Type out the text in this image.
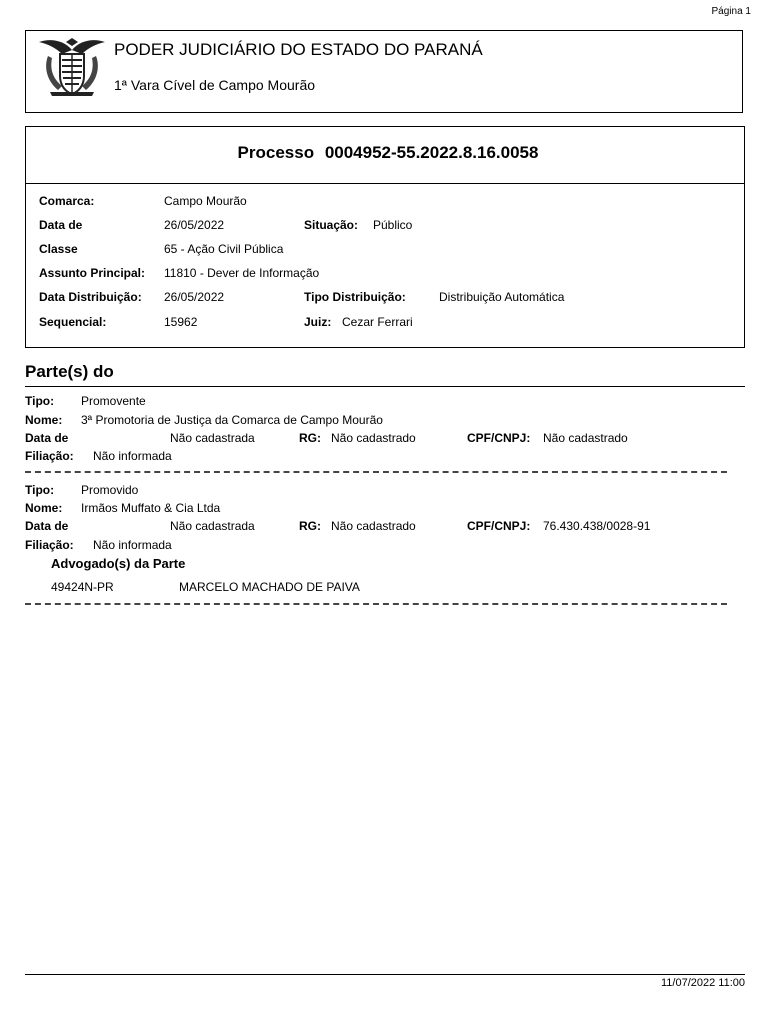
Página 1
PODER JUDICIÁRIO DO ESTADO DO PARANÁ
1ª Vara Cível de Campo Mourão
Processo 0004952-55.2022.8.16.0058
Comarca:	Campo Mourão
Data de	26/05/2022	Situação: Público
Classe	65 - Ação Civil Pública
Assunto Principal: 11810 - Dever de Informação
Data Distribuição: 26/05/2022	Tipo Distribuição:	Distribuição Automática
Sequencial:	15962	Juiz: Cezar Ferrari
Parte(s) do
Tipo: Promovente
Nome: 3ª Promotoria de Justiça da Comarca de Campo Mourão
Data de	Não cadastrada	RG: Não cadastrado	CPF/CNPJ: Não cadastrado
Filiação: Não informada
Tipo: Promovido
Nome: Irmãos Muffato & Cia Ltda
Data de	Não cadastrada	RG: Não cadastrado	CPF/CNPJ: 76.430.438/0028-91
Filiação: Não informada
Advogado(s) da Parte
49424N-PR	MARCELO MACHADO DE PAIVA
11/07/2022 11:00
